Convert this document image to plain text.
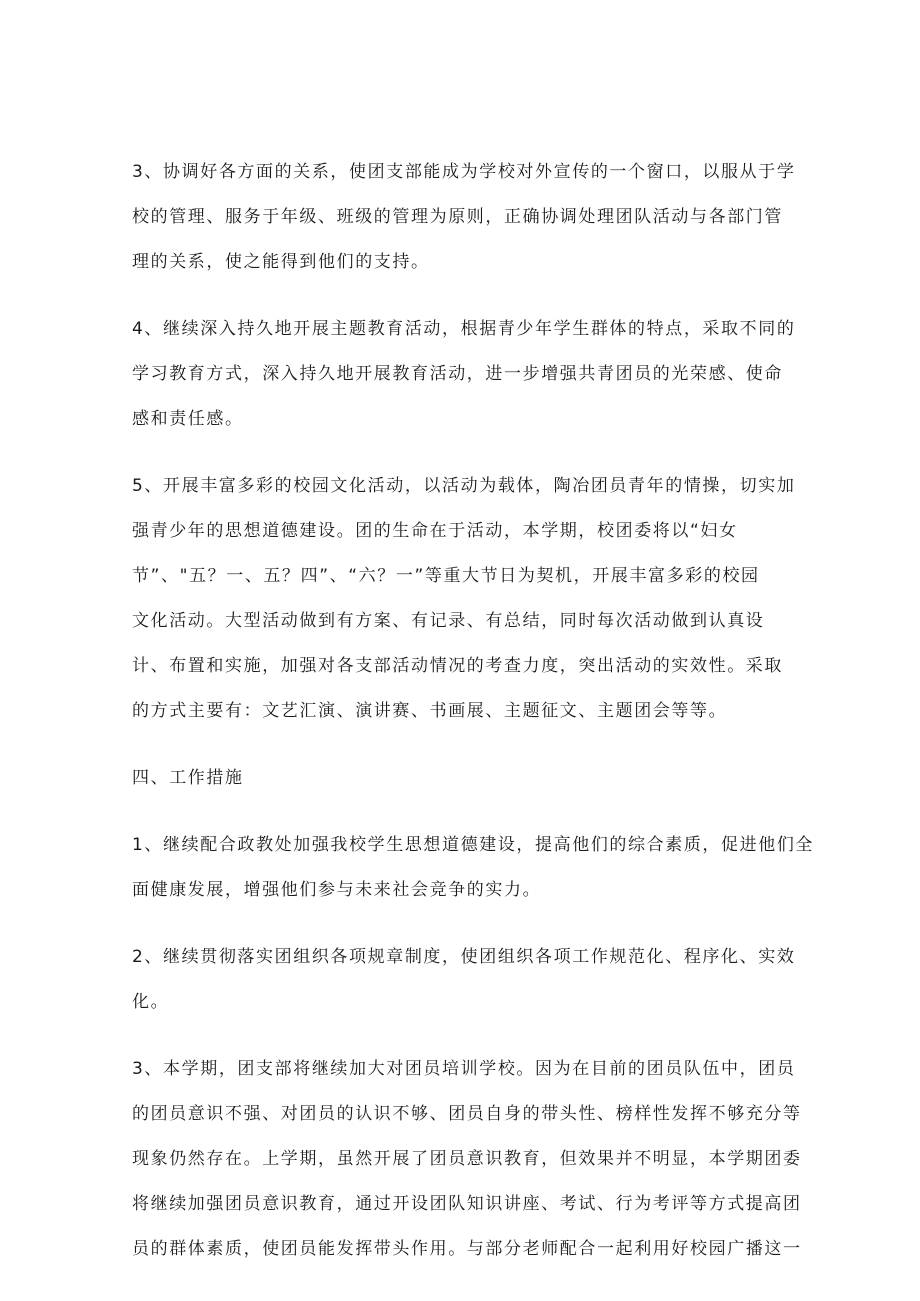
3、协调好各方面的关系，使团支部能成为学校对外宣传的一个窗口，以服从于学
校的管理、服务于年级、班级的管理为原则，正确协调处理团队活动与各部门管
理的关系，使之能得到他们的支持。

4、继续深入持久地开展主题教育活动，根据青少年学生群体的特点，采取不同的
学习教育方式，深入持久地开展教育活动，进一步增强共青团员的光荣感、使命
感和责任感。

5、开展丰富多彩的校园文化活动，以活动为载体，陶冶团员青年的情操，切实加
强青少年的思想道德建设。团的生命在于活动，本学期，校团委将以“妇女
节”、"五？一、五？四”、“六？一”等重大节日为契机，开展丰富多彩的校园
文化活动。大型活动做到有方案、有记录、有总结，同时每次活动做到认真设
计、布置和实施，加强对各支部活动情况的考查力度，突出活动的实效性。采取
的方式主要有：文艺汇演、演讲赛、书画展、主题征文、主题团会等等。

四、工作措施

1、继续配合政教处加强我校学生思想道德建设，提高他们的综合素质，促进他们全
面健康发展，增强他们参与未来社会竞争的实力。

2、继续贯彻落实团组织各项规章制度，使团组织各项工作规范化、程序化、实效
化。

3、本学期，团支部将继续加大对团员培训学校。因为在目前的团员队伍中，团员
的团员意识不强、对团员的认识不够、团员自身的带头性、榜样性发挥不够充分等
现象仍然存在。上学期，虽然开展了团员意识教育，但效果并不明显，本学期团委
将继续加强团员意识教育，通过开设团队知识讲座、考试、行为考评等方式提高团
员的群体素质，使团员能发挥带头作用。与部分老师配合一起利用好校园广播这一
